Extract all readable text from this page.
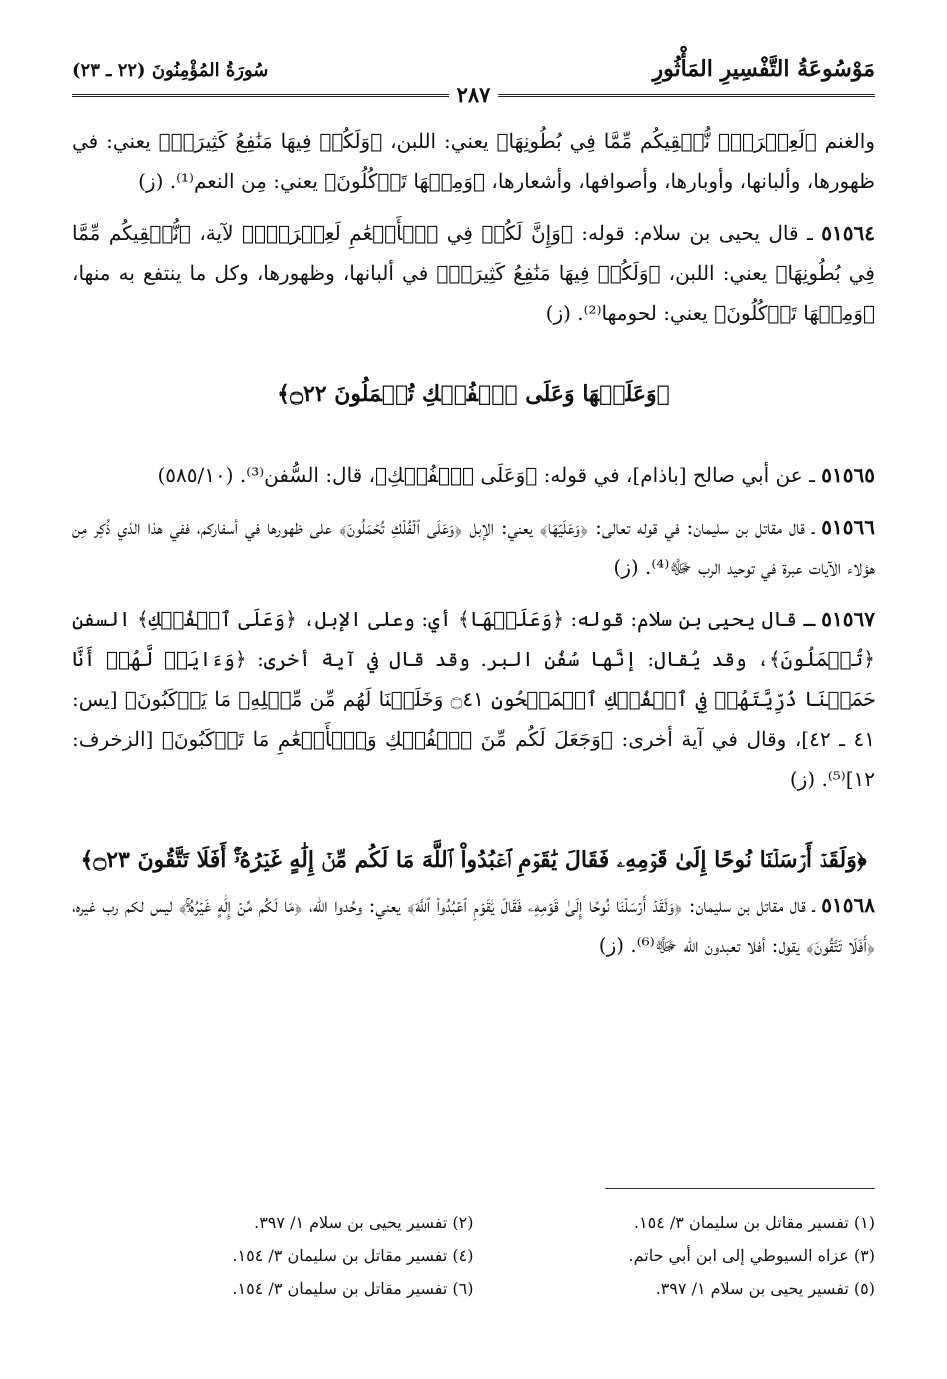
مَوْسُوعَةُ التَّفْسِيرِ المَأْثُورِ
سُورَةُ المُؤْمِنُونَ (٢٢ ـ ٢٣)
٢٨٧

والغنم ﴿لَعِبۡرَةٗۖ نُّسۡقِيكُم مِّمَّا فِي بُطُونِهَا﴾ يعني: اللبن، ﴿وَلَكُمۡ فِيهَا مَنَٰفِعُ كَثِيرَةٞ﴾ يعني: في ظهورها، وألبانها، وأوبارها، وأصوافها، وأشعارها، ﴿وَمِنۡهَا تَأۡكُلُونَ﴾ يعني: مِن النعم⁽¹⁾. (ز)

٥١٥٦٤ ـ قال يحيى بن سلام: قوله: ﴿وَإِنَّ لَكُمۡ فِي ٱلۡأَنۡعَٰمِ لَعِبۡرَةٗۖ﴾ لآية، ﴿نُّسۡقِيكُم مِّمَّا فِي بُطُونِهَا﴾ يعني: اللبن، ﴿وَلَكُمۡ فِيهَا مَنَٰفِعُ كَثِيرَةٞ﴾ في ألبانها، وظهورها، وكل ما ينتفع به منها، ﴿وَمِنۡهَا تَأۡكُلُونَ﴾ يعني: لحومها⁽²⁾. (ز)

﴿وَعَلَيۡهَا وَعَلَى ٱلۡفُلۡكِ تُحۡمَلُونَ ۝٢٢﴾

٥١٥٦٥ ـ عن أبي صالح [باذام]، في قوله: ﴿وَعَلَى ٱلۡفُلۡكِ﴾، قال: السُّفن⁽³⁾. (٥٨٥/١٠)

٥١٥٦٦ ـ قال مقاتل بن سليمان: في قوله تعالى: ﴿وَعَلَيۡهَا﴾ يعني: الإبل ﴿وَعَلَى ٱلۡفُلۡكِ تُحۡمَلُونَ﴾ على ظهورها في أسفاركم، ففي هذا الذي ذُكِر مِن هؤلاء الآيات عبرة في توحيد الرب ﷻ⁽⁴⁾. (ز)

٥١٥٦٧ ـ قال يحيى بن سلام: قوله: ﴿وَعَلَيۡهَا﴾ أي: وعلى الإبل، ﴿وَعَلَى ٱلۡفُلۡكِ﴾ السفن ﴿تُحۡمَلُونَ﴾، وقد يُقال: إنَّها سُفُن البر. وقد قال في آية أخرى: ﴿وَءَايَةٞ لَّهُمۡ أَنَّا حَمَلۡنَا ذُرِّيَّتَهُمۡ فِي ٱلۡفُلۡكِ ٱلۡمَشۡحُونِ ۝٤١ وَخَلَقۡنَا لَهُم مِّن مِّثۡلِهِۦ مَا يَرۡكَبُونَ﴾ [يس: ٤١ ـ ٤٢]، وقال في آية أخرى: ﴿وَجَعَلَ لَكُم مِّنَ ٱلۡفُلۡكِ وَٱلۡأَنۡعَٰمِ مَا تَرۡكَبُونَ﴾ [الزخرف: ١٢]⁽⁵⁾. (ز)

﴿وَلَقَدۡ أَرۡسَلۡنَا نُوحًا إِلَىٰ قَوۡمِهِۦ فَقَالَ يَٰقَوۡمِ ٱعۡبُدُواْ ٱللَّهَ مَا لَكُم مِّنۡ إِلَٰهٍ غَيۡرُهُۥٓۚ أَفَلَا تَتَّقُونَ ۝٢٣﴾

٥١٥٦٨ ـ قال مقاتل بن سليمان: ﴿وَلَقَدۡ أَرۡسَلۡنَا نُوحًا إِلَىٰ قَوۡمِهِۦ فَقَالَ يَٰقَوۡمِ ٱعۡبُدُواْ ٱللَّهَ﴾ يعني: وحِّدوا الله، ﴿مَا لَكُم مِّنۡ إِلَٰهٍ غَيۡرُهُۥٓۚ﴾ ليس لكم رب غيره، ﴿أَفَلَا تَتَّقُونَ﴾ يقول: أفلا تعبدون الله ﷻ⁽⁶⁾. (ز)

(١) تفسير مقاتل بن سليمان ٣/ ١٥٤.
(٢) تفسير يحيى بن سلام ١/ ٣٩٧.
(٣) عزاه السيوطي إلى ابن أبي حاتم.
(٤) تفسير مقاتل بن سليمان ٣/ ١٥٤.
(٥) تفسير يحيى بن سلام ١/ ٣٩٧.
(٦) تفسير مقاتل بن سليمان ٣/ ١٥٤.
